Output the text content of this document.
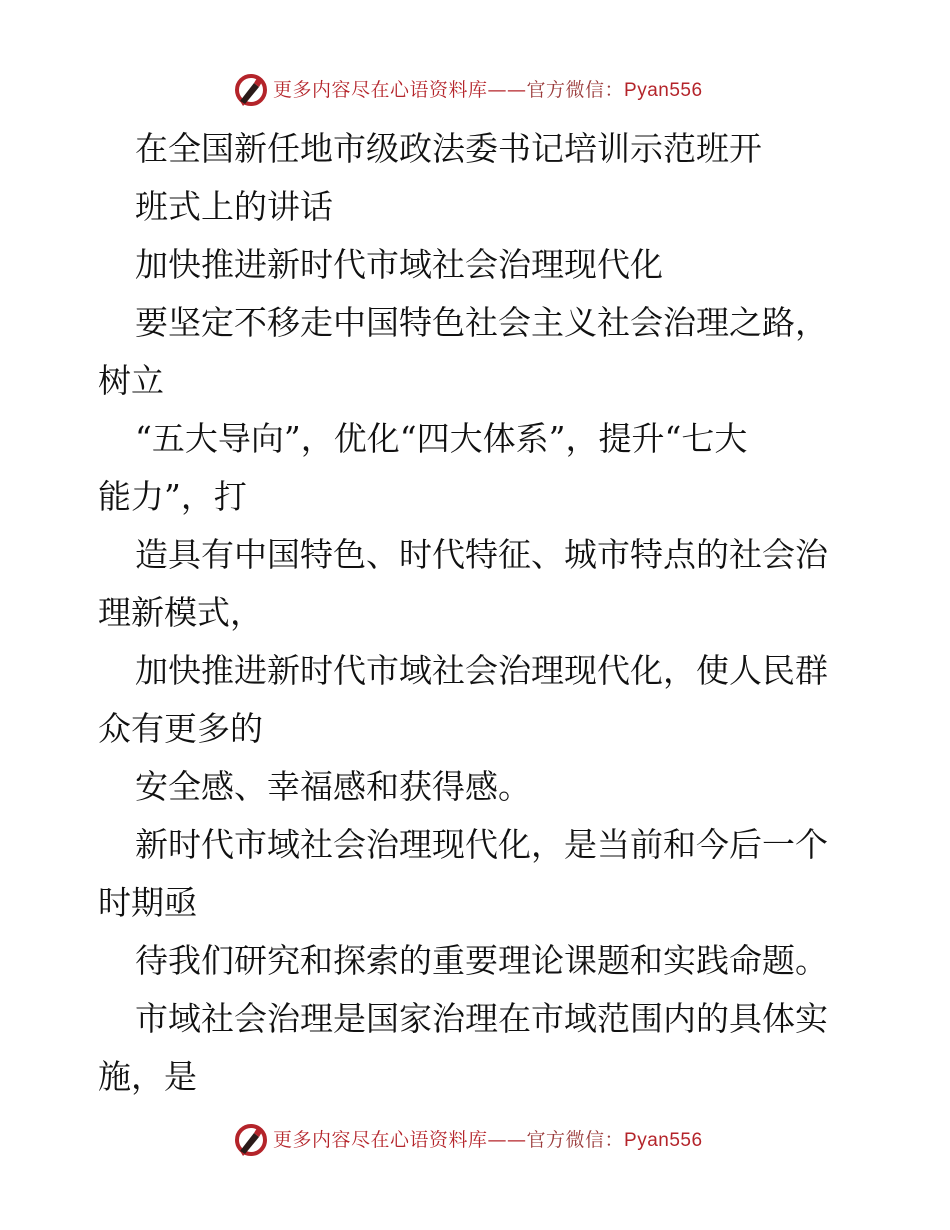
更多内容尽在心语资料库——官方微信：Pyan556
在全国新任地市级政法委书记培训示范班开
班式上的讲话
加快推进新时代市域社会治理现代化
要坚定不移走中国特色社会主义社会治理之路，
树立
“五大导向”，优化“四大体系”，提升“七大
能力”，打
造具有中国特色、时代特征、城市特点的社会治
理新模式，
加快推进新时代市域社会治理现代化，使人民群
众有更多的
安全感、幸福感和获得感。
新时代市域社会治理现代化，是当前和今后一个
时期亟
待我们研究和探索的重要理论课题和实践命题。
市域社会治理是国家治理在市域范围内的具体实
施，是
更多内容尽在心语资料库——官方微信：Pyan556
